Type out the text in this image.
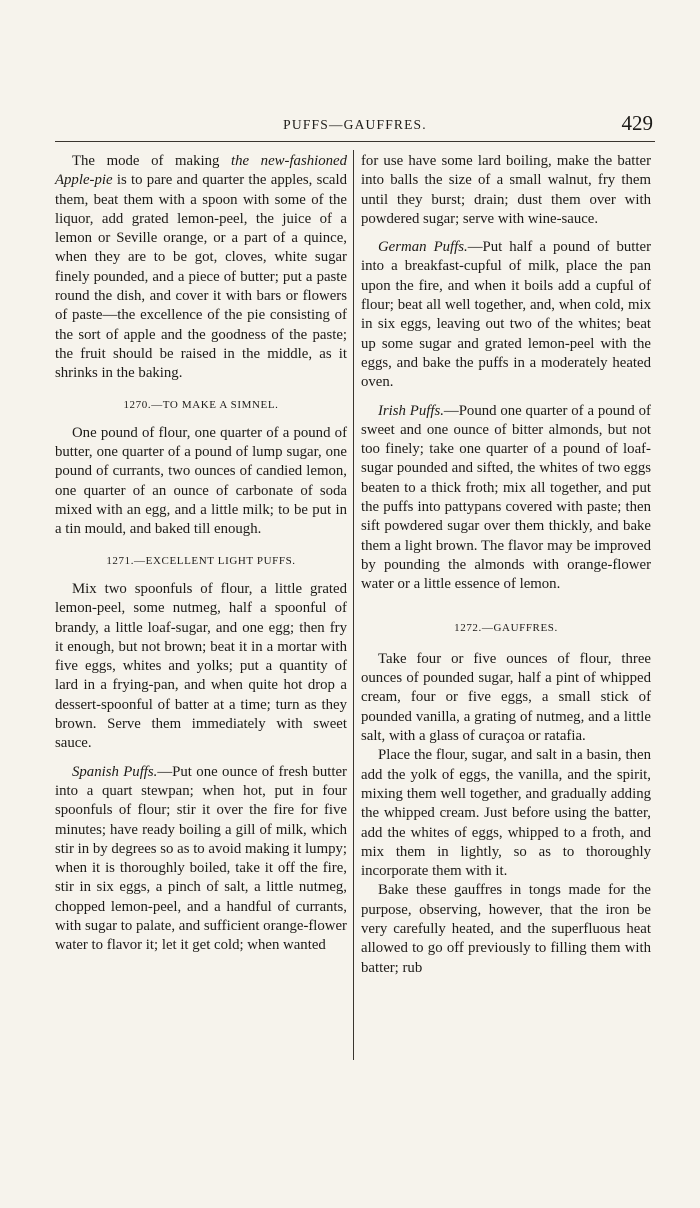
PUFFS—GAUFFRES.	429

The mode of making the new-fashioned Apple-pie is to pare and quarter the apples, scald them, beat them with a spoon with some of the liquor, add grated lemon-peel, the juice of a lemon or Seville orange, or a part of a quince, when they are to be got, cloves, white sugar finely pounded, and a piece of butter; put a paste round the dish, and cover it with bars or flowers of paste—the excellence of the pie consisting of the sort of apple and the goodness of the paste; the fruit should be raised in the middle, as it shrinks in the baking.

1270.—TO MAKE A SIMNEL.

One pound of flour, one quarter of a pound of butter, one quarter of a pound of lump sugar, one pound of currants, two ounces of candied lemon, one quarter of an ounce of carbonate of soda mixed with an egg, and a little milk; to be put in a tin mould, and baked till enough.

1271.—EXCELLENT LIGHT PUFFS.

Mix two spoonfuls of flour, a little grated lemon-peel, some nutmeg, half a spoonful of brandy, a little loaf-sugar, and one egg; then fry it enough, but not brown; beat it in a mortar with five eggs, whites and yolks; put a quantity of lard in a frying-pan, and when quite hot drop a dessert-spoonful of batter at a time; turn as they brown. Serve them immediately with sweet sauce.

Spanish Puffs.—Put one ounce of fresh butter into a quart stewpan; when hot, put in four spoonfuls of flour; stir it over the fire for five minutes; have ready boiling a gill of milk, which stir in by degrees so as to avoid making it lumpy; when it is thoroughly boiled, take it off the fire, stir in six eggs, a pinch of salt, a little nutmeg, chopped lemon-peel, and a handful of currants, with sugar to palate, and sufficient orange-flower water to flavor it; let it get cold; when wanted

for use have some lard boiling, make the batter into balls the size of a small walnut, fry them until they burst; drain; dust them over with powdered sugar; serve with wine-sauce.

German Puffs.—Put half a pound of butter into a breakfast-cupful of milk, place the pan upon the fire, and when it boils add a cupful of flour; beat all well together, and, when cold, mix in six eggs, leaving out two of the whites; beat up some sugar and grated lemon-peel with the eggs, and bake the puffs in a moderately heated oven.

Irish Puffs.—Pound one quarter of a pound of sweet and one ounce of bitter almonds, but not too finely; take one quarter of a pound of loaf-sugar pounded and sifted, the whites of two eggs beaten to a thick froth; mix all together, and put the puffs into pattypans covered with paste; then sift powdered sugar over them thickly, and bake them a light brown. The flavor may be improved by pounding the almonds with orange-flower water or a little essence of lemon.

1272.—GAUFFRES.

Take four or five ounces of flour, three ounces of pounded sugar, half a pint of whipped cream, four or five eggs, a small stick of pounded vanilla, a grating of nutmeg, and a little salt, with a glass of curaçoa or ratafia.

Place the flour, sugar, and salt in a basin, then add the yolk of eggs, the vanilla, and the spirit, mixing them well together, and gradually adding the whipped cream. Just before using the batter, add the whites of eggs, whipped to a froth, and mix them in lightly, so as to thoroughly incorporate them with it.

Bake these gauffres in tongs made for the purpose, observing, however, that the iron be very carefully heated, and the superfluous heat allowed to go off previously to filling them with batter; rub
